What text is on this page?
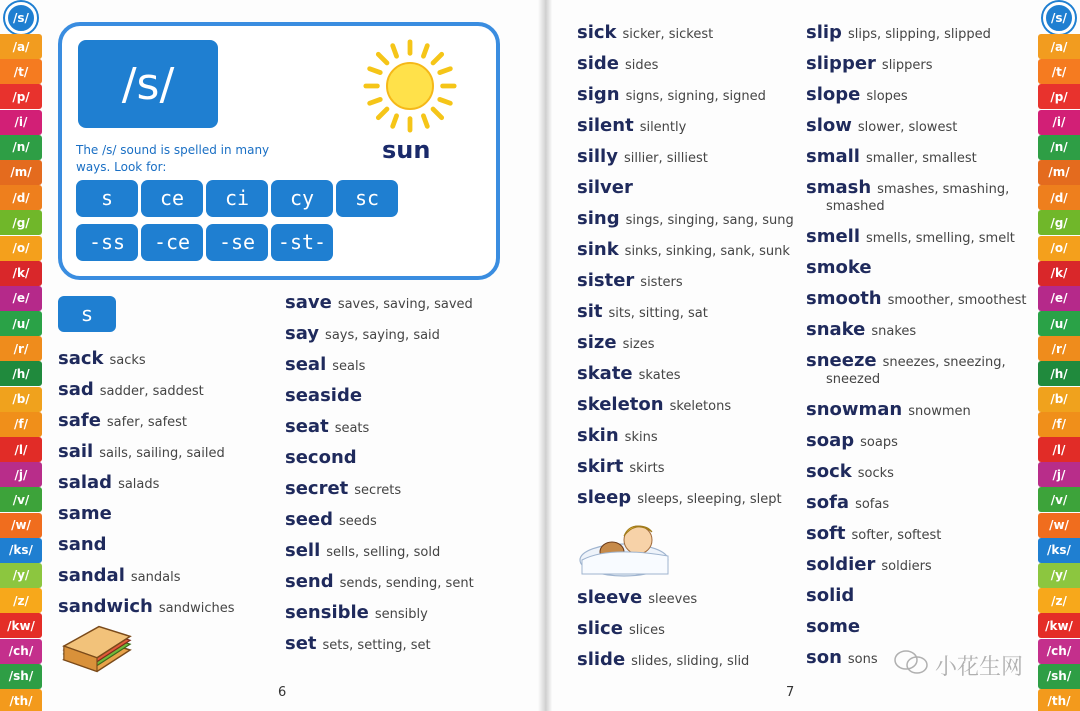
/s/
/a/
/t/
/p/
/i/
/n/
/m/
/d/
/g/
/o/
/k/
/e/
/u/
/r/
/h/
/b/
/f/
/l/
/j/
/v/
/w/
/ks/
/y/
/z/
/kw/
/ch/
/sh/
/th/
/s/
/a/
/t/
/p/
/i/
/n/
/m/
/d/
/g/
/o/
/k/
/e/
/u/
/r/
/h/
/b/
/f/
/l/
/j/
/v/
/w/
/ks/
/y/
/z/
/kw/
/ch/
/sh/
/th/
/s/
sun
The /s/ sound is spelled in many ways. Look for:
s ce ci cy sc
-ss -ce -se -st-
s
sack sacks
sad sadder, saddest
safe safer, safest
sail sails, sailing, sailed
salad salads
same
sand
sandal sandals
sandwich sandwiches
save saves, saving, saved
say says, saying, said
seal seals
seaside
seat seats
second
secret secrets
seed seeds
sell sells, selling, sold
send sends, sending, sent
sensible sensibly
set sets, setting, set
sick sicker, sickest
side sides
sign signs, signing, signed
silent silently
silly sillier, silliest
silver
sing sings, singing, sang, sung
sink sinks, sinking, sank, sunk
sister sisters
sit sits, sitting, sat
size sizes
skate skates
skeleton skeletons
skin skins
skirt skirts
sleep sleeps, sleeping, slept
sleeve sleeves
slice slices
slide slides, sliding, slid
slip slips, slipping, slipped
slipper slippers
slope slopes
slow slower, slowest
small smaller, smallest
smash smashes, smashing,
smashed
smell smells, smelling, smelt
smoke
smooth smoother, smoothest
snake snakes
sneeze sneezes, sneezing,
sneezed
snowman snowmen
soap soaps
sock socks
sofa sofas
soft softer, softest
soldier soldiers
solid
some
son sons
6	7
小花生网
